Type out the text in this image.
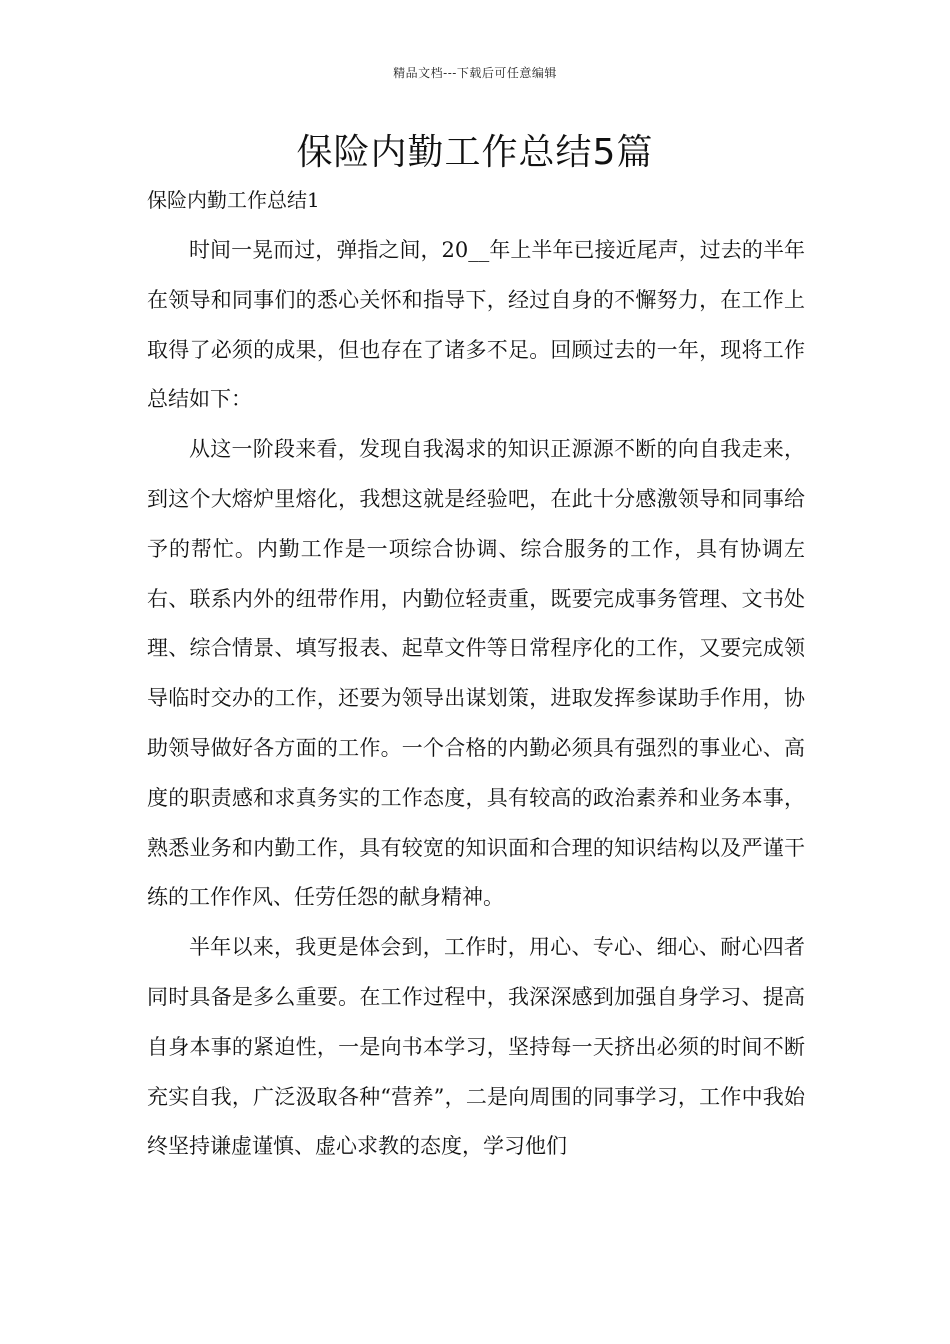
精品文档---下载后可任意编辑
保险内勤工作总结5篇
保险内勤工作总结1

时间一晃而过，弹指之间，20__年上半年已接近尾声，过去的半年在领导和同事们的悉心关怀和指导下，经过自身的不懈努力，在工作上取得了必须的成果，但也存在了诸多不足。回顾过去的一年，现将工作总结如下：

从这一阶段来看，发现自我渴求的知识正源源不断的向自我走来，到这个大熔炉里熔化，我想这就是经验吧，在此十分感激领导和同事给予的帮忙。内勤工作是一项综合协调、综合服务的工作，具有协调左右、联系内外的纽带作用，内勤位轻责重，既要完成事务管理、文书处理、综合情景、填写报表、起草文件等日常程序化的工作，又要完成领导临时交办的工作，还要为领导出谋划策，进取发挥参谋助手作用，协助领导做好各方面的工作。一个合格的内勤必须具有强烈的事业心、高度的职责感和求真务实的工作态度，具有较高的政治素养和业务本事，熟悉业务和内勤工作，具有较宽的知识面和合理的知识结构以及严谨干练的工作作风、任劳任怨的献身精神。

半年以来，我更是体会到，工作时，用心、专心、细心、耐心四者同时具备是多么重要。在工作过程中，我深深感到加强自身学习、提高自身本事的紧迫性，一是向书本学习，坚持每一天挤出必须的时间不断充实自我，广泛汲取各种“营养”，二是向周围的同事学习，工作中我始终坚持谦虚谨慎、虚心求教的态度，学习他们
